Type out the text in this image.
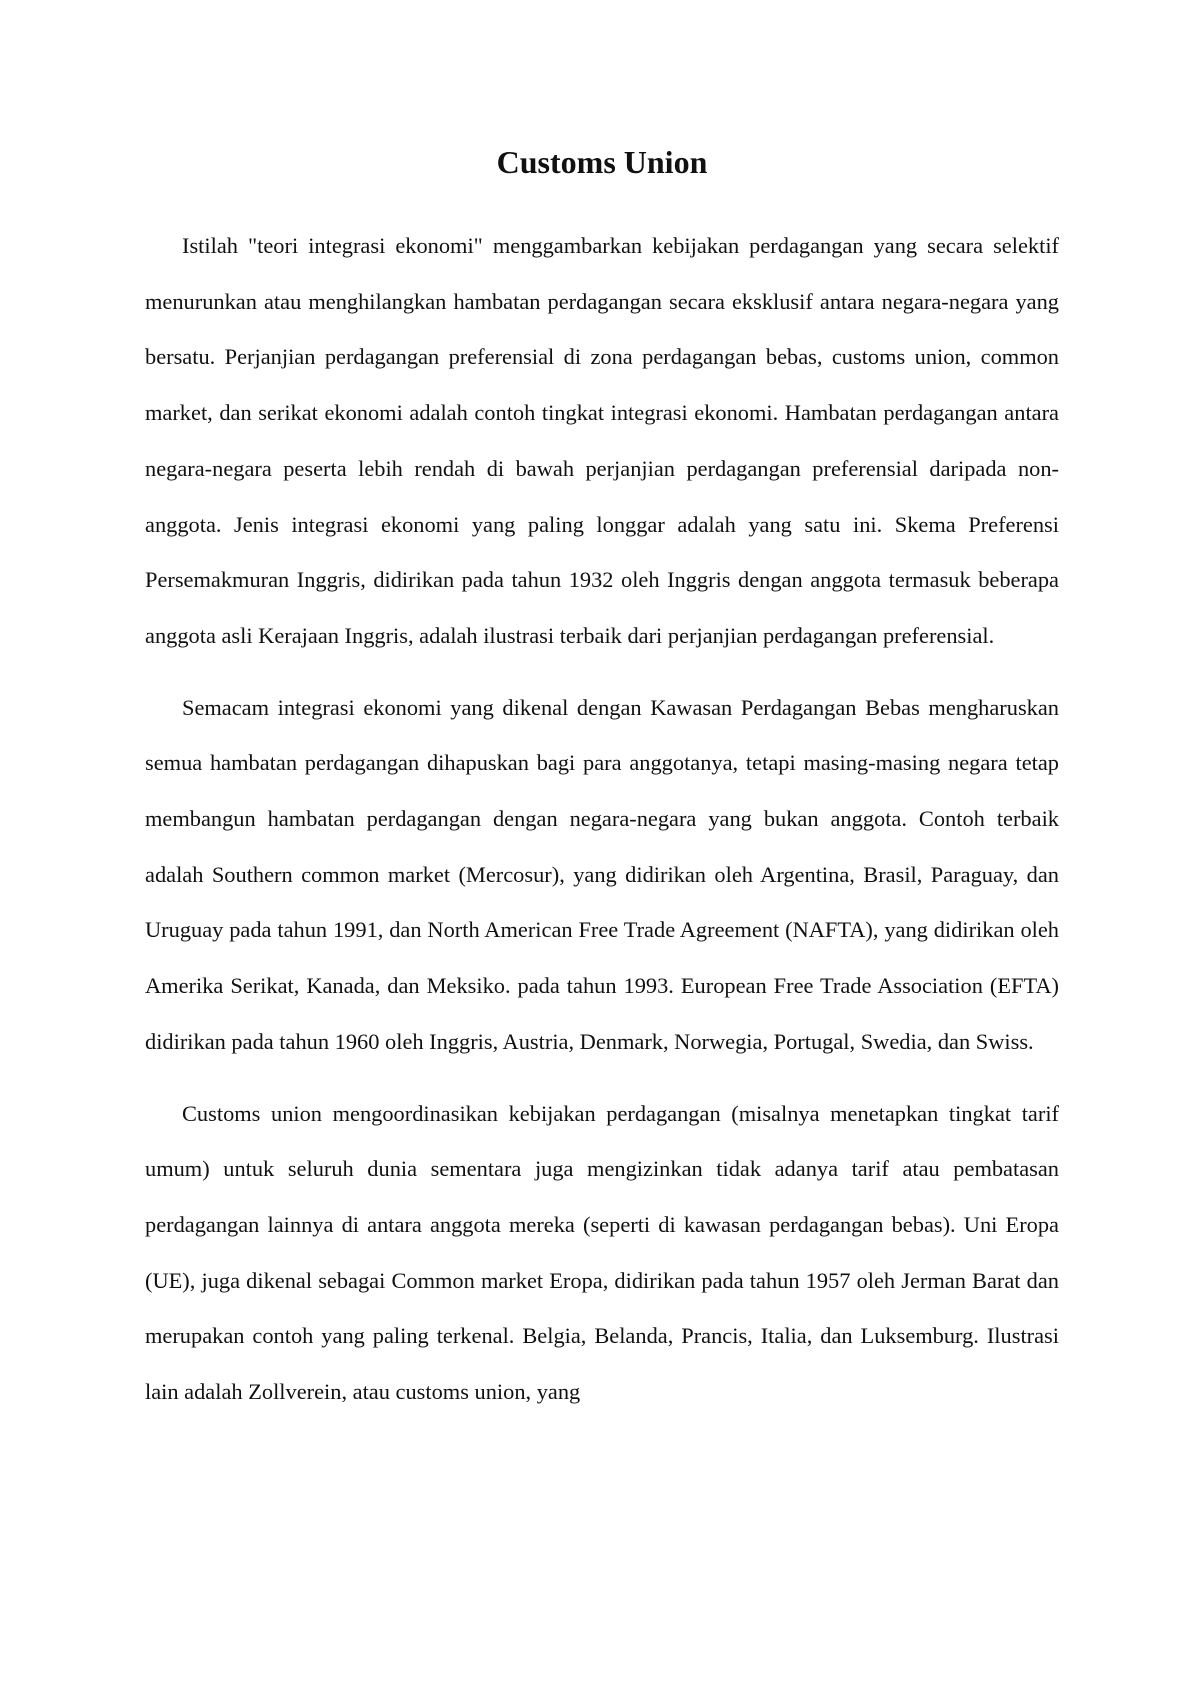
Customs Union

Istilah "teori integrasi ekonomi" menggambarkan kebijakan perdagangan yang secara selektif menurunkan atau menghilangkan hambatan perdagangan secara eksklusif antara negara-negara yang bersatu. Perjanjian perdagangan preferensial di zona perdagangan bebas, customs union, common market, dan serikat ekonomi adalah contoh tingkat integrasi ekonomi. Hambatan perdagangan antara negara-negara peserta lebih rendah di bawah perjanjian perdagangan preferensial daripada non-anggota. Jenis integrasi ekonomi yang paling longgar adalah yang satu ini. Skema Preferensi Persemakmuran Inggris, didirikan pada tahun 1932 oleh Inggris dengan anggota termasuk beberapa anggota asli Kerajaan Inggris, adalah ilustrasi terbaik dari perjanjian perdagangan preferensial.

Semacam integrasi ekonomi yang dikenal dengan Kawasan Perdagangan Bebas mengharuskan semua hambatan perdagangan dihapuskan bagi para anggotanya, tetapi masing-masing negara tetap membangun hambatan perdagangan dengan negara-negara yang bukan anggota. Contoh terbaik adalah Southern common market (Mercosur), yang didirikan oleh Argentina, Brasil, Paraguay, dan Uruguay pada tahun 1991, dan North American Free Trade Agreement (NAFTA), yang didirikan oleh Amerika Serikat, Kanada, dan Meksiko. pada tahun 1993. European Free Trade Association (EFTA) didirikan pada tahun 1960 oleh Inggris, Austria, Denmark, Norwegia, Portugal, Swedia, dan Swiss.

Customs union mengoordinasikan kebijakan perdagangan (misalnya menetapkan tingkat tarif umum) untuk seluruh dunia sementara juga mengizinkan tidak adanya tarif atau pembatasan perdagangan lainnya di antara anggota mereka (seperti di kawasan perdagangan bebas). Uni Eropa (UE), juga dikenal sebagai Common market Eropa, didirikan pada tahun 1957 oleh Jerman Barat dan merupakan contoh yang paling terkenal. Belgia, Belanda, Prancis, Italia, dan Luksemburg. Ilustrasi lain adalah Zollverein, atau customs union, yang
